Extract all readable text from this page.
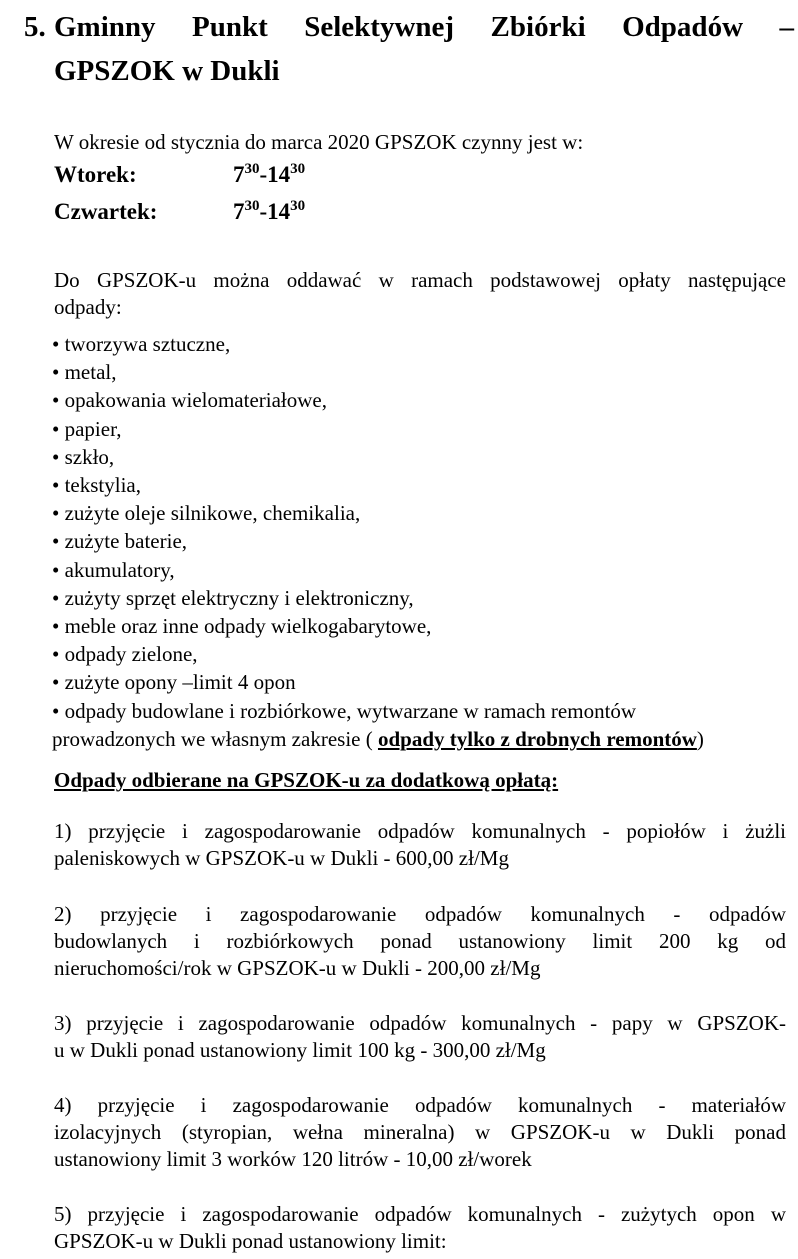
5. Gminny Punkt Selektywnej Zbiórki Odpadów –
GPSZOK w Dukli
W okresie od stycznia do marca 2020 GPSZOK czynny jest w:
Wtorek:	$7^{30}-14^{30}$
Czwartek:	$7^{30}-14^{30}$
Do GPSZOK-u można oddawać w ramach podstawowej opłaty następujące
odpady:
• tworzywa sztuczne,
• metal,
• opakowania wielomateriałowe,
• papier,
• szkło,
• tekstylia,
• zużyte oleje silnikowe, chemikalia,
• zużyte baterie,
• akumulatory,
• zużyty sprzęt elektryczny i elektroniczny,
• meble oraz inne odpady wielkogabarytowe,
• odpady zielone,
• zużyte opony –limit 4 opon
• odpady budowlane i rozbiórkowe, wytwarzane w ramach remontów
prowadzonych we własnym zakresie ( odpady tylko z drobnych remontów)
Odpady odbierane na GPSZOK-u za dodatkową opłatą:
1) przyjęcie i zagospodarowanie odpadów komunalnych - popiołów i żużli
paleniskowych w GPSZOK-u w Dukli - 600,00 zł/Mg
2) przyjęcie i zagospodarowanie odpadów komunalnych - odpadów
budowlanych i rozbiórkowych ponad ustanowiony limit 200 kg od
nieruchomości/rok w GPSZOK-u w Dukli - 200,00 zł/Mg
3) przyjęcie i zagospodarowanie odpadów komunalnych - papy w GPSZOK-
u w Dukli ponad ustanowiony limit 100 kg - 300,00 zł/Mg
4) przyjęcie i zagospodarowanie odpadów komunalnych - materiałów
izolacyjnych (styropian, wełna mineralna) w GPSZOK-u w Dukli ponad
ustanowiony limit 3 worków 120 litrów - 10,00 zł/worek
5) przyjęcie i zagospodarowanie odpadów komunalnych - zużytych opon w
GPSZOK-u w Dukli ponad ustanowiony limit:
